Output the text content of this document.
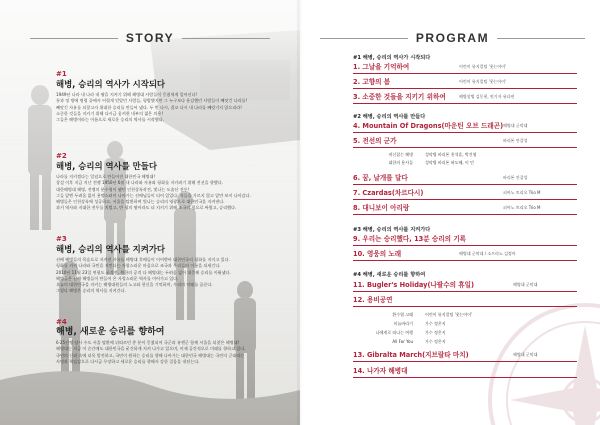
STORY
#1
해병, 승리의 역사가 시작되다
1949년 나라 내 나라 내 땅을 지켜기 위해 해병대 사람들이 뭉쳤세게 일어선다!
통과 정 방에 명령 끝에서 어렵게 닫았던 사람들, 평범했지만 그 누구보다 용감했던 사람들이 빼앗긴 나라를!
빼앗긴 자유를 되찾고자 위대한 승리를 만들어 냈다. 두 번 다시, 결코 다시 내 나라를 빼앗기지 않으리라!
소중한 것들을 지키기 위해 다시금 움켜쥔 내부의 젊은 의용!
그들은 해병이라는 이름으로 새로운 승리의 역사를 시작했다.
#2
해병, 승리의 역사를 만들다
나라를 지키겠다는 일념으로 만들어진 대한민국 해병대!
창설 이후 지금 지난 전쟁 1950년 6월 내 나라와 자유와 평화를 지키려기 위해 전선을 향했다.
대한해병대 해병, 전쟁의 분수령이 됐던 인천상륙작전, 빛나는 도솔산 전투!
그들 앞엔 두려움 없이 용맹스러이 나아가는 선배님들이 되어 있었다. 적들을 가르지 않고 앞만 보이 나아갔다.
해병들은 인천상륙에 성공하고, 서울을 탈환하여 빛나는 승리의 영광으로 대한민국을 지켜낸다.
과거 역사와 지대한 전투를 치렀고, 반 평의 땅이라도 더 지키기 위해 조국의 힘으로 싸웠고, 승리했다.
#3
해병, 승리의 역사를 지켜가다
선배 해병들의 목숨으로 지켜낸 자유를 해병대 후배들이 이어받아 대한민국의 평화를 지키고 있다.
평화를 지켜 나라와 국민을 지킨다는 자랑스러운 마음으로 조국과 우리들의 이름을 되새긴다.
2010년 11월 23일 연평도 포격전, 북한의 공격 다 해병대는 두려움 없이 대응해 승리를 이뤄냈다.
해병들은 선배 해병들이 만들어 온 자랑스러운 역사를 이어가고 있다.
오늘의 대한민국을 지키는 해병대원들의 노고와 헌신을 기억하며, 우리의 미래를 꿈꾼다.
그렇다 해병은 승리의 역사를 지켜간다.
#4
해병, 새로운 승리를 향하여
6·25전쟁 당시 수도 서울 탈환에 뒤따르던 총 분이 뭉쳤되어 국군과 유엔군 함께 서울을 되찾은 해병대!
해병대는 지금 이 순간에도 대한민국을 굳건하게 지켜 나가고 있으며, 이제 공간적으로 미래를 향하고 있다.
국민의 신뢰 속에 더욱 발전하고, 국민이 원하는 승리를 향해 나아가는 대한민국 해병대는 국민의 군대라는
사명과 책임감으로 다시금 무장하고 새로운 승리를 향해서 강한 걸음을 내딛는다.
PROGRAM
#1 해병, 승리의 역사가 시작되다
1. 그날을 기억하여	어린이 뮤지컬팀 '웃는아이'
2. 고향의 봄	어린이 뮤지컬팀 '웃는아이'
3. 소중한 것들을 지키기 위하여	해병상병 김동현, 연기자 유다연
#2 해병, 승리의 역사를 만들다
4. Mountain Of Dragons(마운틴 오브 드래곤) 해병대 군악대
5. 전선의 군가	바리톤 안갑성
귀신잡는 해병	성악병 바리톤 홍석훈, 박건영
대한의 용사들	성악병 바리톤 허도혜, 이 민
6. 꿈, 날개를 달다	바리톤 안갑성
7. Czardas(차르다시)	피아노 트리오 Trio M
8. 대니보이 아리랑	피아노 트리오 Trio M
#3 해병, 승리의 역사를 지켜가다
9. 우리는 승리했다, 13분 승리의 기록
10. 영웅의 노래	해병대 군악대 / 소프라노 김정아
#4 해병, 새로운 승리를 향하여
11. Bugler's Holiday(나팔수의 휴일)	해병대 군악대
12. 용비공연
환수엽 고래	어린이 뮤지컬팀 '웃는아이'
미늘바라기	가수 정은지
나에게로 떠나는 여행	가수 정은지
All For You	가수 정은지
13. Gibralta March(지브랄타 마치)	해병대 군악대
14. 나가자 해병대
